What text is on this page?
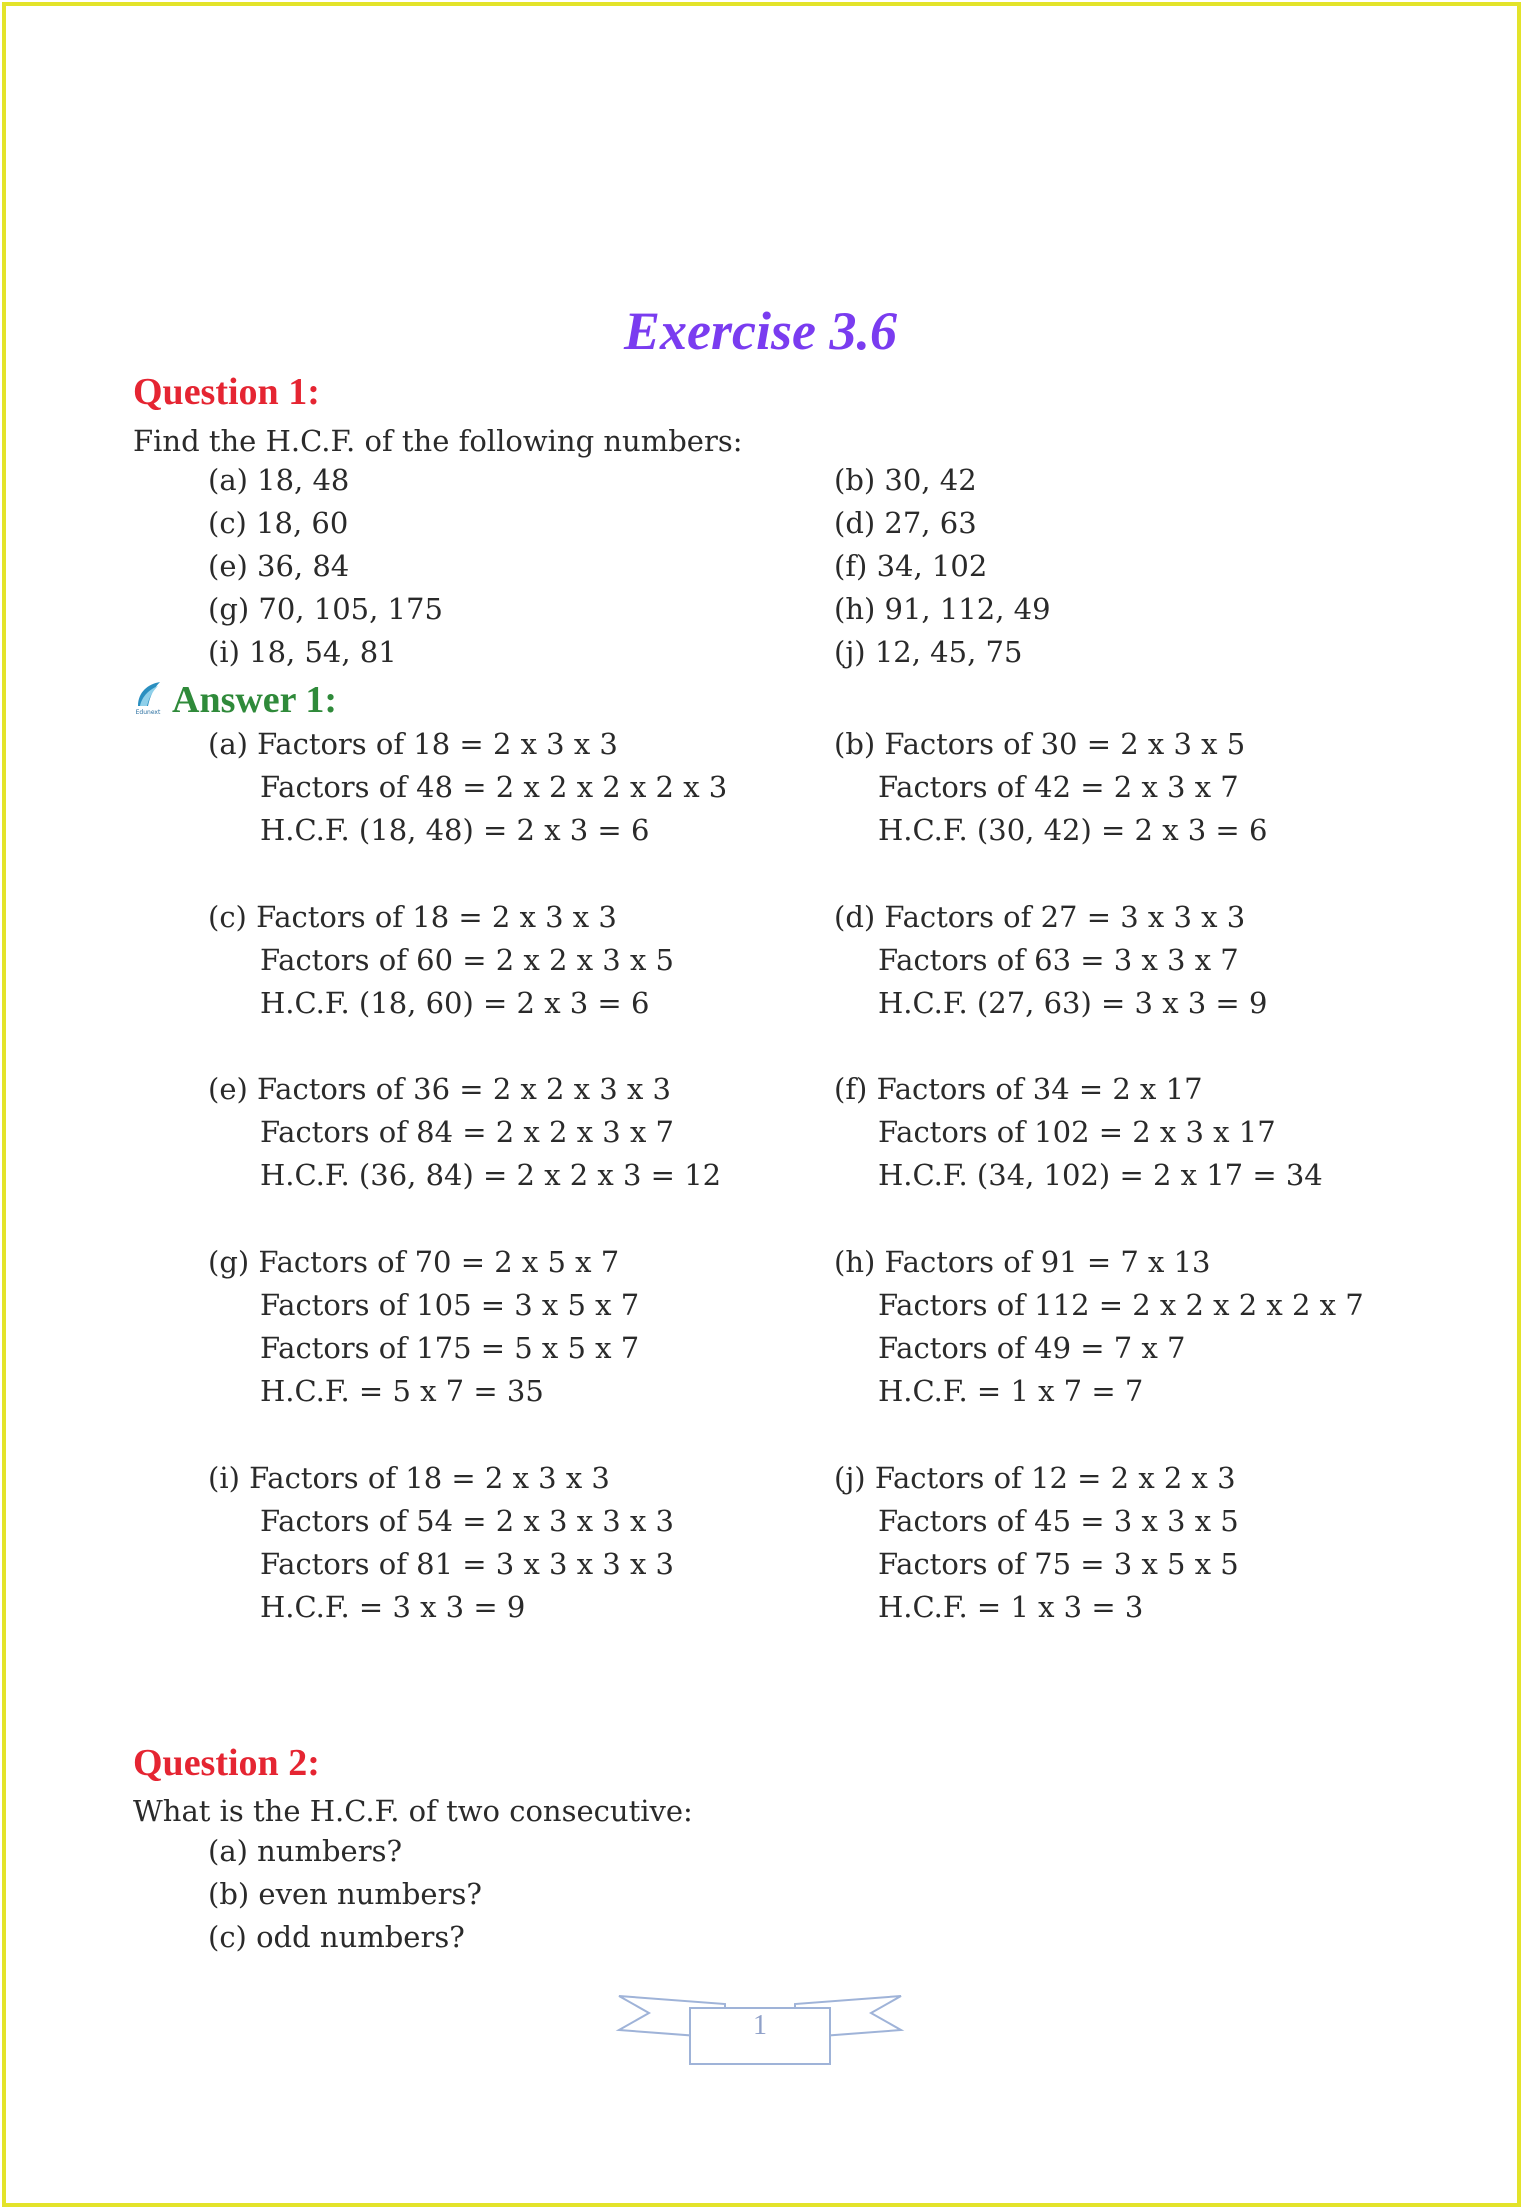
Exercise 3.6
Question 1:
Find the H.C.F. of the following numbers:
(a) 18, 48
(c) 18, 60
(e) 36, 84
(g) 70, 105, 175
(i) 18, 54, 81
(b) 30, 42
(d) 27, 63
(f) 34, 102
(h) 91, 112, 49
(j) 12, 45, 75
Edunext Answer 1:
(a) Factors of 18 = 2 x 3 x 3
Factors of 48 = 2 x 2 x 2 x 2 x 3
H.C.F. (18, 48) = 2 x 3 = 6
(b) Factors of 30 = 2 x 3 x 5
Factors of 42 = 2 x 3 x 7
H.C.F. (30, 42) = 2 x 3 = 6
(c) Factors of 18 = 2 x 3 x 3
Factors of 60 = 2 x 2 x 3 x 5
H.C.F. (18, 60) = 2 x 3 = 6
(d) Factors of 27 = 3 x 3 x 3
Factors of 63 = 3 x 3 x 7
H.C.F. (27, 63) = 3 x 3 = 9
(e) Factors of 36 = 2 x 2 x 3 x 3
Factors of 84 = 2 x 2 x 3 x 7
H.C.F. (36, 84) = 2 x 2 x 3 = 12
(f) Factors of 34 = 2 x 17
Factors of 102 = 2 x 3 x 17
H.C.F. (34, 102) = 2 x 17 = 34
(g) Factors of 70 = 2 x 5 x 7
Factors of 105 = 3 x 5 x 7
Factors of 175 = 5 x 5 x 7
H.C.F. = 5 x 7 = 35
(h) Factors of 91 = 7 x 13
Factors of 112 = 2 x 2 x 2 x 2 x 7
Factors of 49 = 7 x 7
H.C.F. = 1 x 7 = 7
(i) Factors of 18 = 2 x 3 x 3
Factors of 54 = 2 x 3 x 3 x 3
Factors of 81 = 3 x 3 x 3 x 3
H.C.F. = 3 x 3 = 9
(j) Factors of 12 = 2 x 2 x 3
Factors of 45 = 3 x 3 x 5
Factors of 75 = 3 x 5 x 5
H.C.F. = 1 x 3 = 3
Question 2:
What is the H.C.F. of two consecutive:
(a) numbers?
(b) even numbers?
(c) odd numbers?
1
